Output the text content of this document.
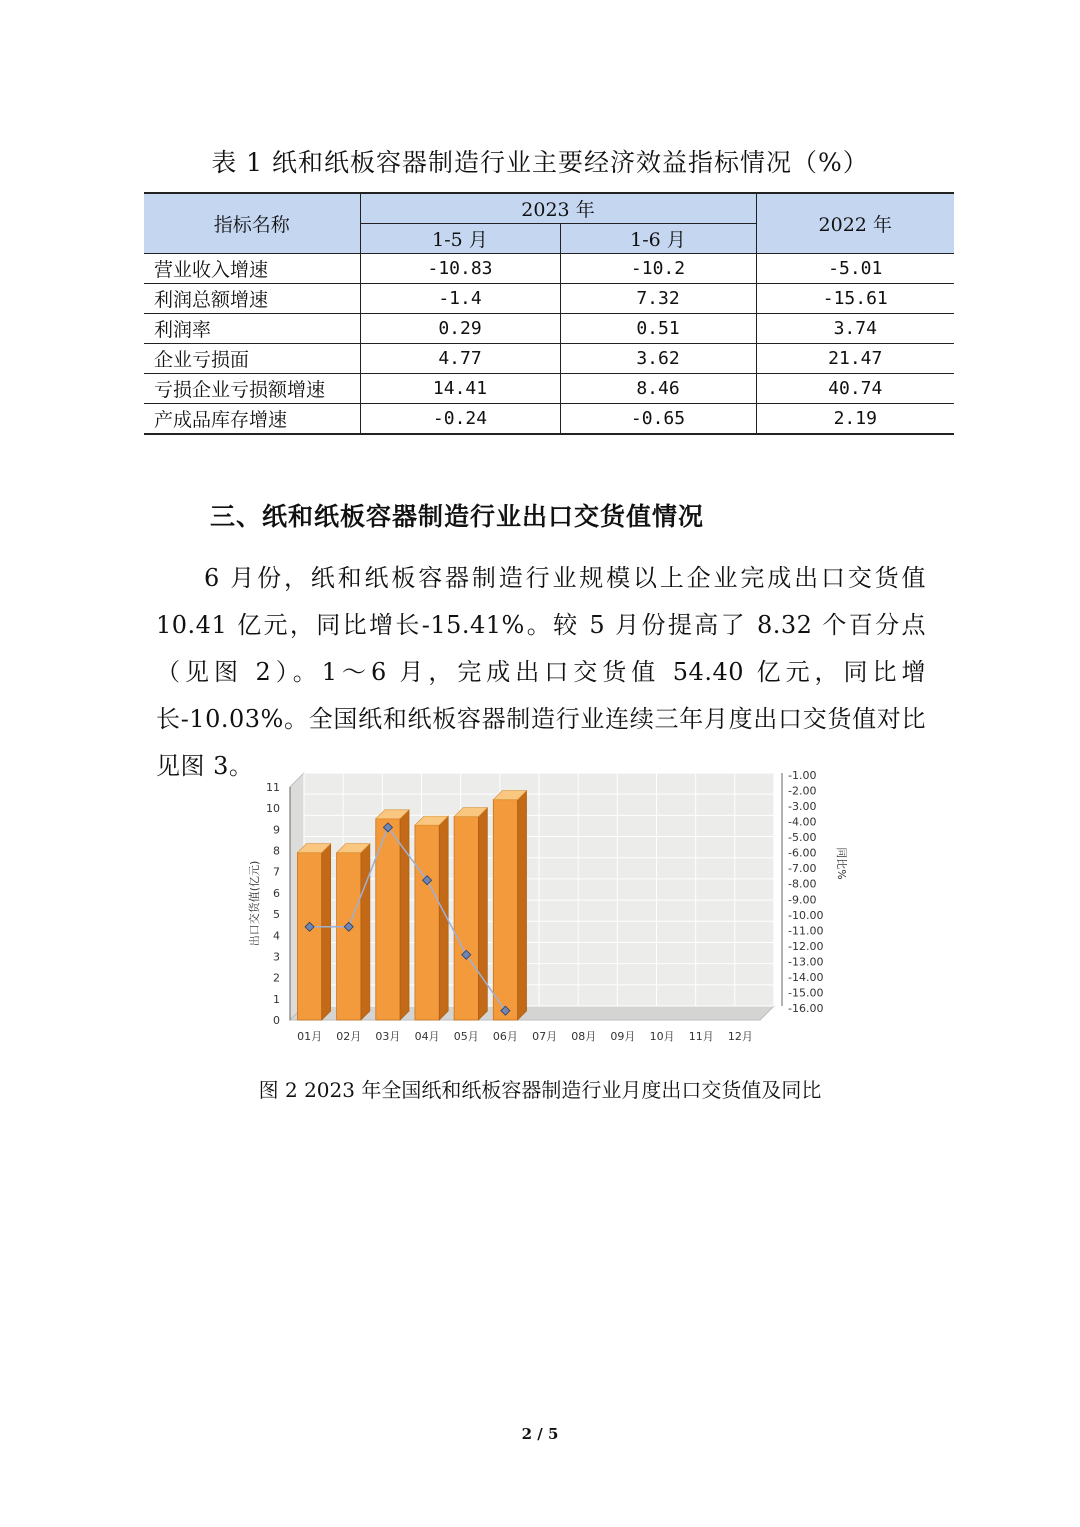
表 1 纸和纸板容器制造行业主要经济效益指标情况（%）
指标名称	2023 年		2022 年
	1-5 月	1-6 月	
营业收入增速	-10.83	-10.2	-5.01
利润总额增速	-1.4	7.32	-15.61
利润率	0.29	0.51	3.74
企业亏损面	4.77	3.62	21.47
亏损企业亏损额增速	14.41	8.46	40.74
产成品库存增速	-0.24	-0.65	2.19
三、纸和纸板容器制造行业出口交货值情况
6 月份，纸和纸板容器制造行业规模以上企业完成出口交货值 10.41 亿元，同比增长-15.41%。较 5 月份提高了 8.32 个百分点（见图 2）。1～6 月，完成出口交货值 54.40 亿元，同比增长-10.03%。全国纸和纸板容器制造行业连续三年月度出口交货值对比见图 3。
0
1
2
3
4
5
6
7
8
9
10
11
-1.00
-2.00
-3.00
-4.00
-5.00
-6.00
-7.00
-8.00
-9.00
-10.00
-11.00
-12.00
-13.00
-14.00
-15.00
-16.00
01月 02月 03月 04月 05月 06月 07月 08月 09月 10月 11月 12月
出口交货值(亿元)	同比%
图 2 2023 年全国纸和纸板容器制造行业月度出口交货值及同比
2 / 5
